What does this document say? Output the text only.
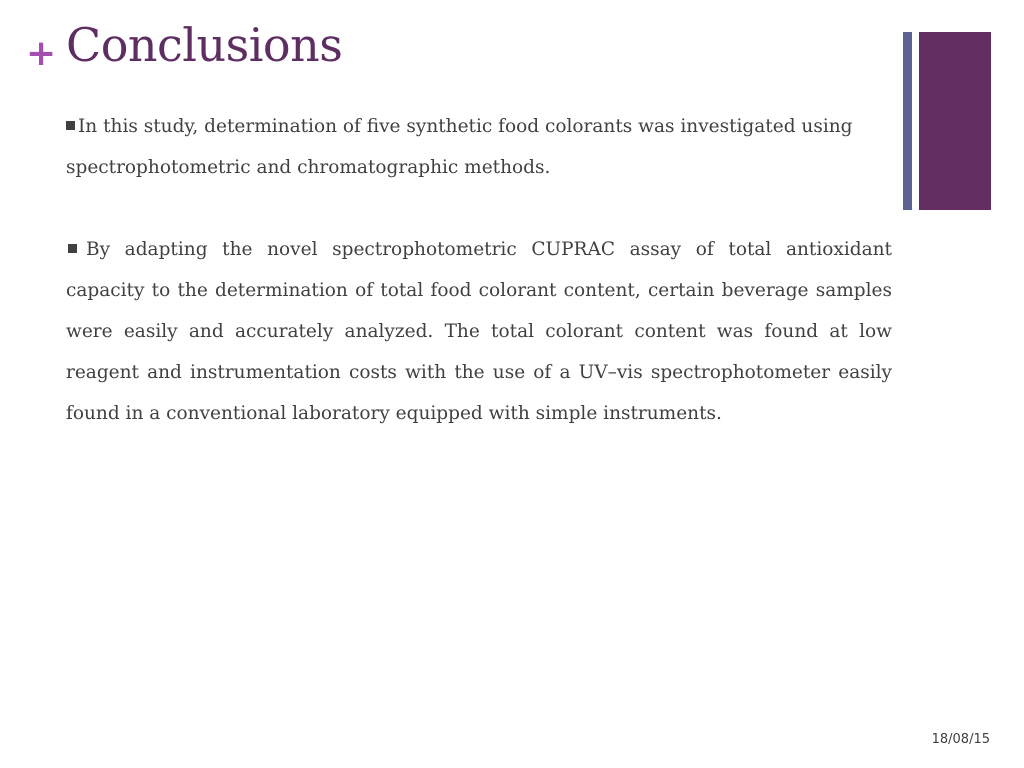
+ Conclusions

In this study, determination of five synthetic food colorants was investigated using spectrophotometric and chromatographic methods.

By adapting the novel spectrophotometric CUPRAC assay of total antioxidant capacity to the determination of total food colorant content, certain beverage samples were easily and accurately analyzed. The total colorant content was found at low reagent and instrumentation costs with the use of a UV–vis spectrophotometer easily found in a conventional laboratory equipped with simple instruments.

18/08/15
